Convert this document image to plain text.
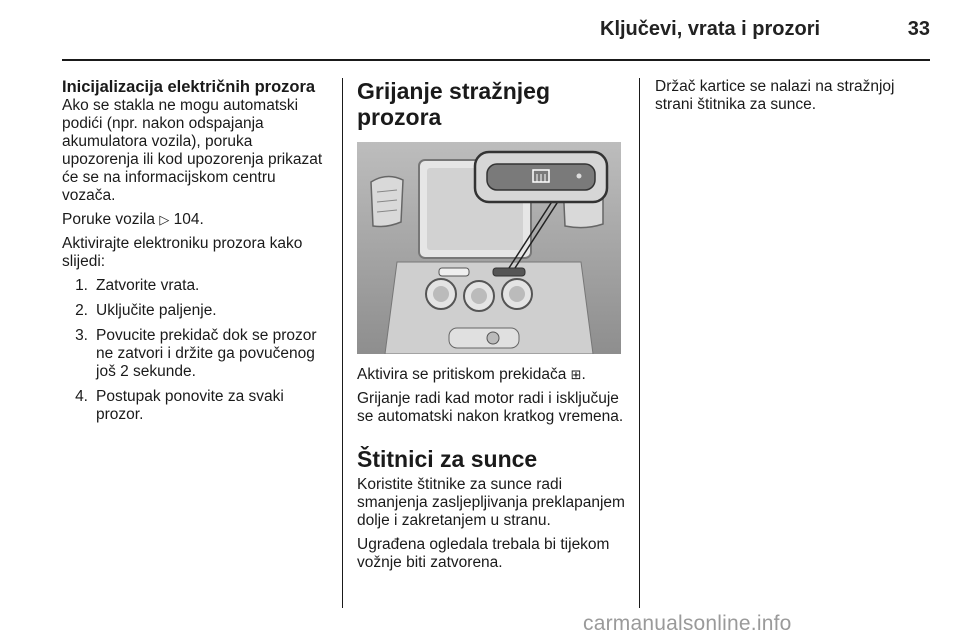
Ključevi, vrata i prozori	33
Inicijalizacija električnih prozora

Ako se stakla ne mogu automatski podići (npr. nakon odspajanja akumulatora vozila), poruka upozorenja ili kod upozorenja prikazat će se na informacijskom centru vozača.

Poruke vozila ▷ 104.

Aktivirajte elektroniku prozora kako slijedi:

1. Zatvorite vrata.
2. Uključite paljenje.
3. Povucite prekidač dok se prozor ne zatvori i držite ga povučenog još 2 sekunde.
4. Postupak ponovite za svaki prozor.
Grijanje stražnjeg prozora

Aktivira se pritiskom prekidača ⊞.

Grijanje radi kad motor radi i isključuje se automatski nakon kratkog vremena.

Štitnici za sunce

Koristite štitnike za sunce radi smanjenja zasljepljivanja preklapanjem dolje i zakretanjem u stranu.

Ugrađena ogledala trebala bi tijekom vožnje biti zatvorena.

Držač kartice se nalazi na stražnjoj strani štitnika za sunce.

carmanualsonline.info
